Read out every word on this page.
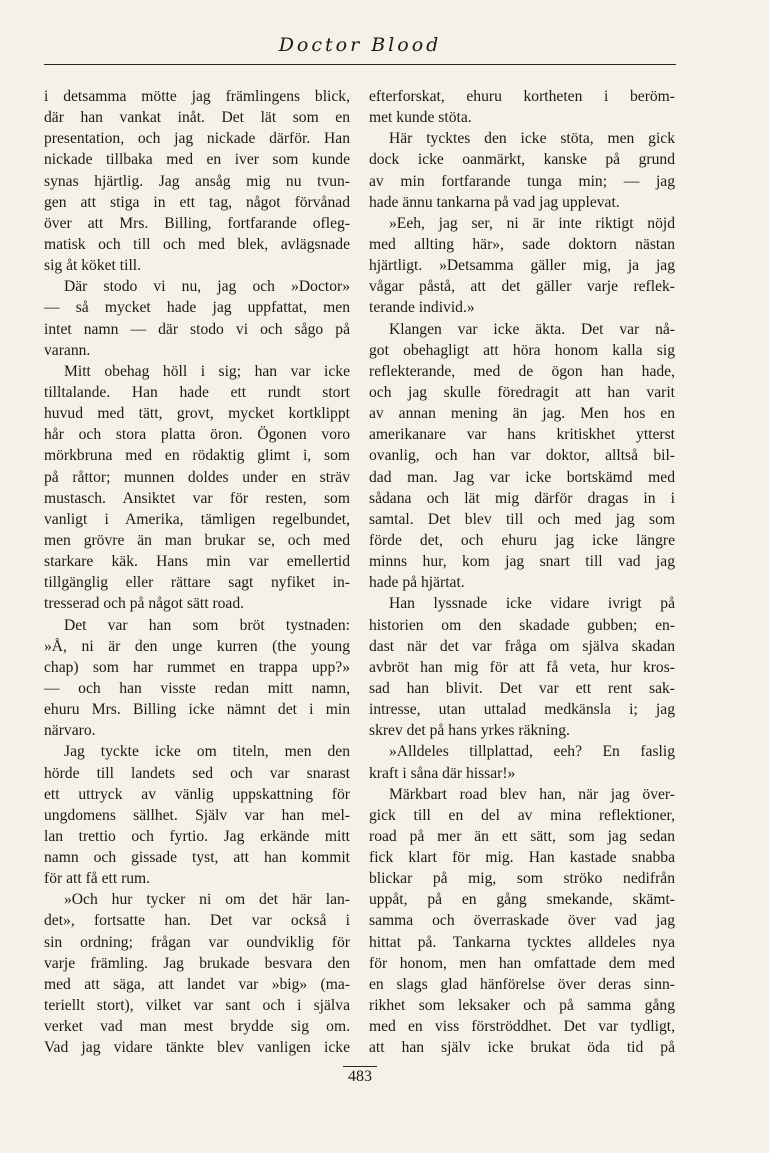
Doctor Blood
i detsamma mötte jag främlingens blick,
där han vankat inåt. Det lät som en
presentation, och jag nickade därför. Han
nickade tillbaka med en iver som kunde
synas hjärtlig. Jag ansåg mig nu tvun-
gen att stiga in ett tag, något förvånad
över att Mrs. Billing, fortfarande ofleg-
matisk och till och med blek, avlägsnade
sig åt köket till.
Där stodo vi nu, jag och »Doctor»
— så mycket hade jag uppfattat, men
intet namn — där stodo vi och sågo på
varann.
Mitt obehag höll i sig; han var icke
tilltalande. Han hade ett rundt stort
huvud med tätt, grovt, mycket kortklippt
hår och stora platta öron. Ögonen voro
mörkbruna med en rödaktig glimt i, som
på råttor; munnen doldes under en sträv
mustasch. Ansiktet var för resten, som
vanligt i Amerika, tämligen regelbundet,
men grövre än man brukar se, och med
starkare käk. Hans min var emellertid
tillgänglig eller rättare sagt nyfiket in-
tresserad och på något sätt road.
Det var han som bröt tystnaden:
»Å, ni är den unge kurren (the young
chap) som har rummet en trappa upp?»
— och han visste redan mitt namn,
ehuru Mrs. Billing icke nämnt det i min
närvaro.
Jag tyckte icke om titeln, men den
hörde till landets sed och var snarast
ett uttryck av vänlig uppskattning för
ungdomens sällhet. Själv var han mel-
lan trettio och fyrtio. Jag erkände mitt
namn och gissade tyst, att han kommit
för att få ett rum.
»Och hur tycker ni om det här lan-
det», fortsatte han. Det var också i
sin ordning; frågan var oundviklig för
varje främling. Jag brukade besvara den
med att säga, att landet var »big» (ma-
teriellt stort), vilket var sant och i själva
verket vad man mest brydde sig om.
Vad jag vidare tänkte blev vanligen icke
efterforskat, ehuru kortheten i beröm-
met kunde stöta.
Här tycktes den icke stöta, men gick
dock icke oanmärkt, kanske på grund
av min fortfarande tunga min; — jag
hade ännu tankarna på vad jag upplevat.
»Eeh, jag ser, ni är inte riktigt nöjd
med allting här», sade doktorn nästan
hjärtligt. »Detsamma gäller mig, ja jag
vågar påstå, att det gäller varje reflek-
terande individ.»
Klangen var icke äkta. Det var nå-
got obehagligt att höra honom kalla sig
reflekterande, med de ögon han hade,
och jag skulle föredragit att han varit
av annan mening än jag. Men hos en
amerikanare var hans kritiskhet ytterst
ovanlig, och han var doktor, alltså bil-
dad man. Jag var icke bortskämd med
sådana och lät mig därför dragas in i
samtal. Det blev till och med jag som
förde det, och ehuru jag icke längre
minns hur, kom jag snart till vad jag
hade på hjärtat.
Han lyssnade icke vidare ivrigt på
historien om den skadade gubben; en-
dast när det var fråga om själva skadan
avbröt han mig för att få veta, hur kros-
sad han blivit. Det var ett rent sak-
intresse, utan uttalad medkänsla i; jag
skrev det på hans yrkes räkning.
»Alldeles tillplattad, eeh? En faslig
kraft i såna där hissar!»
Märkbart road blev han, när jag över-
gick till en del av mina reflektioner,
road på mer än ett sätt, som jag sedan
fick klart för mig. Han kastade snabba
blickar på mig, som ströko nedifrån
uppåt, på en gång smekande, skämt-
samma och överraskade över vad jag
hittat på. Tankarna tycktes alldeles nya
för honom, men han omfattade dem med
en slags glad hänförelse över deras sinn-
rikhet som leksaker och på samma gång
med en viss förströddhet. Det var tydligt,
att han själv icke brukat öda tid på
483
